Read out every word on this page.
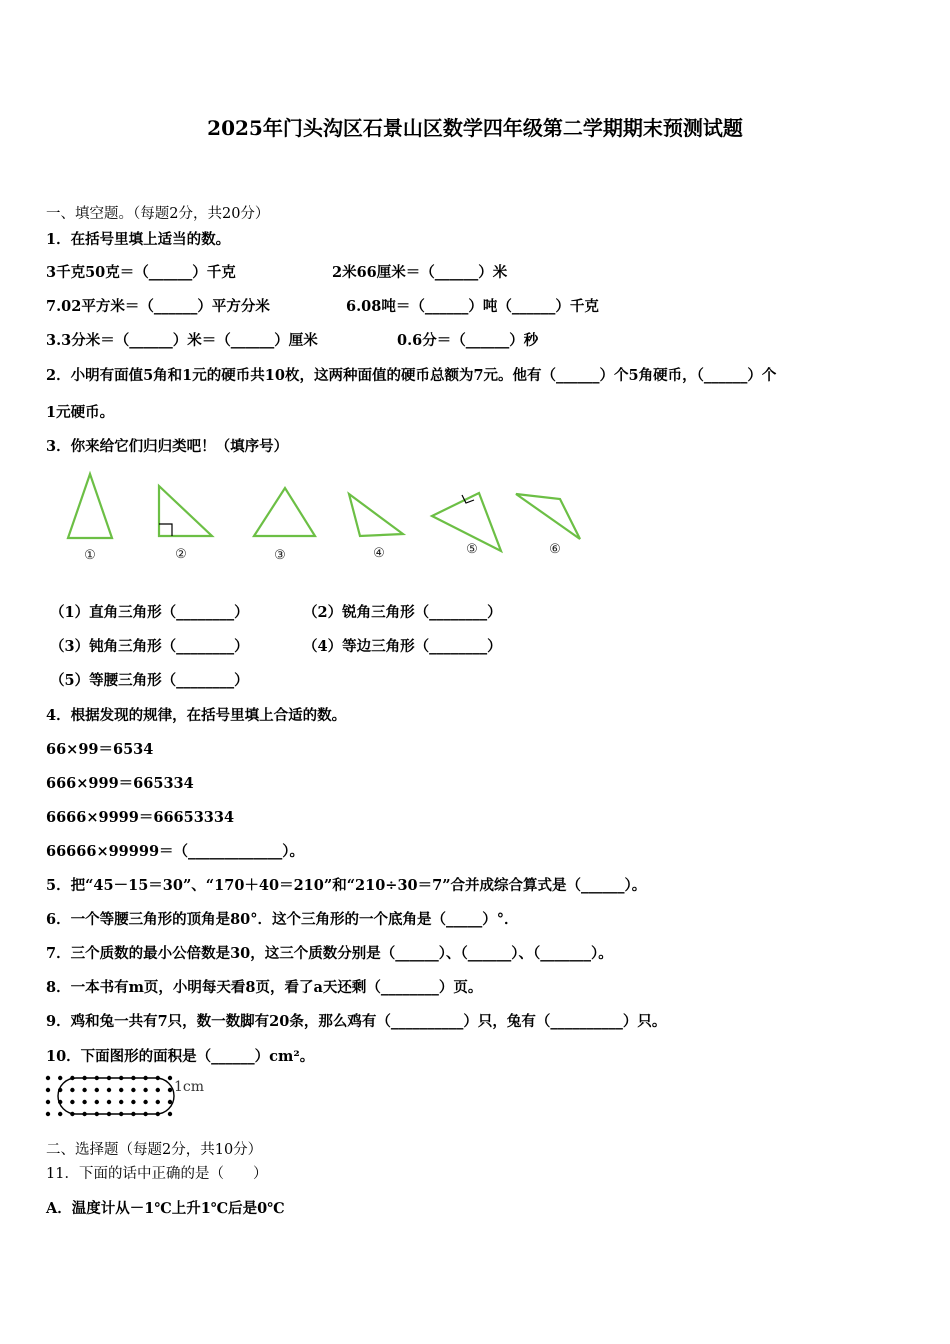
2025年门头沟区石景山区数学四年级第二学期期末预测试题
一、填空题。（每题2分，共20分）
1．在括号里填上适当的数。
3千克50克＝（______）千克	2米66厘米＝（______）米
7.02平方米＝（______）平方分米	6.08吨＝（______）吨（______）千克
3.3分米＝（______）米＝（______）厘米	0.6分＝（______）秒
2．小明有面值5角和1元的硬币共10枚，这两种面值的硬币总额为7元。他有（______）个5角硬币，（______）个
1元硬币。
3．你来给它们归归类吧！（填序号）
①	②	③	④	⑤	⑥
（1）直角三角形（________）	（2）锐角三角形（________）
（3）钝角三角形（________）	（4）等边三角形（________）
（5）等腰三角形（________）
4．根据发现的规律，在括号里填上合适的数。
66×99＝6534
666×999＝665334
6666×9999＝66653334
66666×99999＝（_____________）。
5．把“45－15＝30”、“170＋40＝210”和“210÷30＝7”合并成综合算式是（______）。
6．一个等腰三角形的顶角是80°．这个三角形的一个底角是（_____）°．
7．三个质数的最小公倍数是30，这三个质数分别是（______）、（______）、（_______）。
8．一本书有m页，小明每天看8页，看了a天还剩（________）页。
9．鸡和兔一共有7只，数一数脚有20条，那么鸡有（__________）只，兔有（__________）只。
10．下面图形的面积是（______）cm²。
1cm
二、选择题（每题2分，共10分）
11．下面的话中正确的是（　　）
A．温度计从－1℃上升1℃后是0℃
